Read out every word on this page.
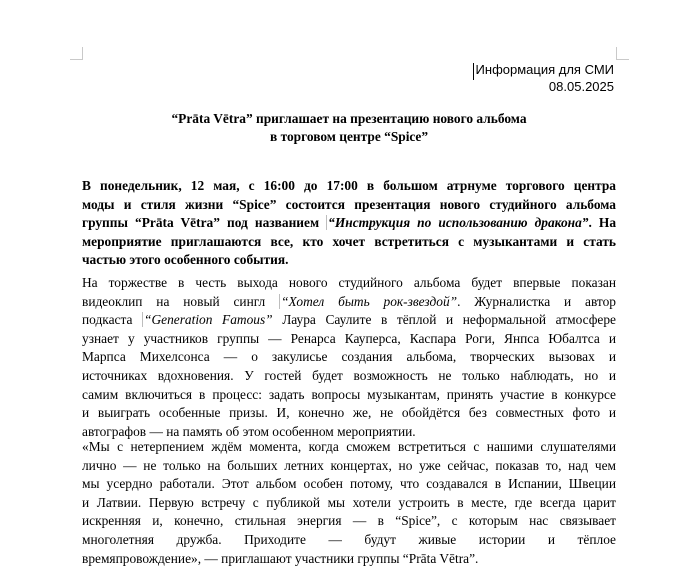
Информация для СМИ
08.05.2025
“Prāta Vētra” приглашает на презентацию нового альбома
в торговом центре “Spice”
В понедельник, 12 мая, с 16:00 до 17:00 в большом атрнуме торгового центра
моды и стиля жизни “Spice” состоится презентация нового студийного альбома
группы “Prāta Vētra” под названием “Инструкция по использованию дракона”. На
мероприятие приглашаются все, кто хочет встретиться с музыкантами и стать
частью этого особенного события.
На торжестве в честь выхода нового студийного альбома будет впервые показан
видеоклип на новый сингл “Хотел быть рок-звездой”. Журналистка и автор
подкаста “Generation Famous” Лаура Саулите в тёплой и неформальной атмосфере
узнает у участников группы — Ренарса Кауперса, Каспара Роги, Янпса Юбалтса и
Марпса Михелсонса — о закулисье создания альбома, творческих вызовах и
источниках вдохновения. У гостей будет возможность не только наблюдать, но и
самим включиться в процесс: задать вопросы музыкантам, принять участие в конкурсе
и выиграть особенные призы. И, конечно же, не обойдётся без совместных фото и
автографов — на память об этом особенном мероприятии.
«Мы с нетерпением ждём момента, когда сможем встретиться с нашими слушателями
лично — не только на больших летних концертах, но уже сейчас, показав то, над чем
мы усердно работали. Этот альбом особен потому, что создавался в Испании, Швеции
и Латвии. Первую встречу с публикой мы хотели устроить в месте, где всегда царит
искренняя и, конечно, стильная энергия — в “Spice”, с которым нас связывает
многолетняя дружба. Приходите — будут живые истории и тёплое
времяпровождение», — приглашают участники группы “Prāta Vētra”.
